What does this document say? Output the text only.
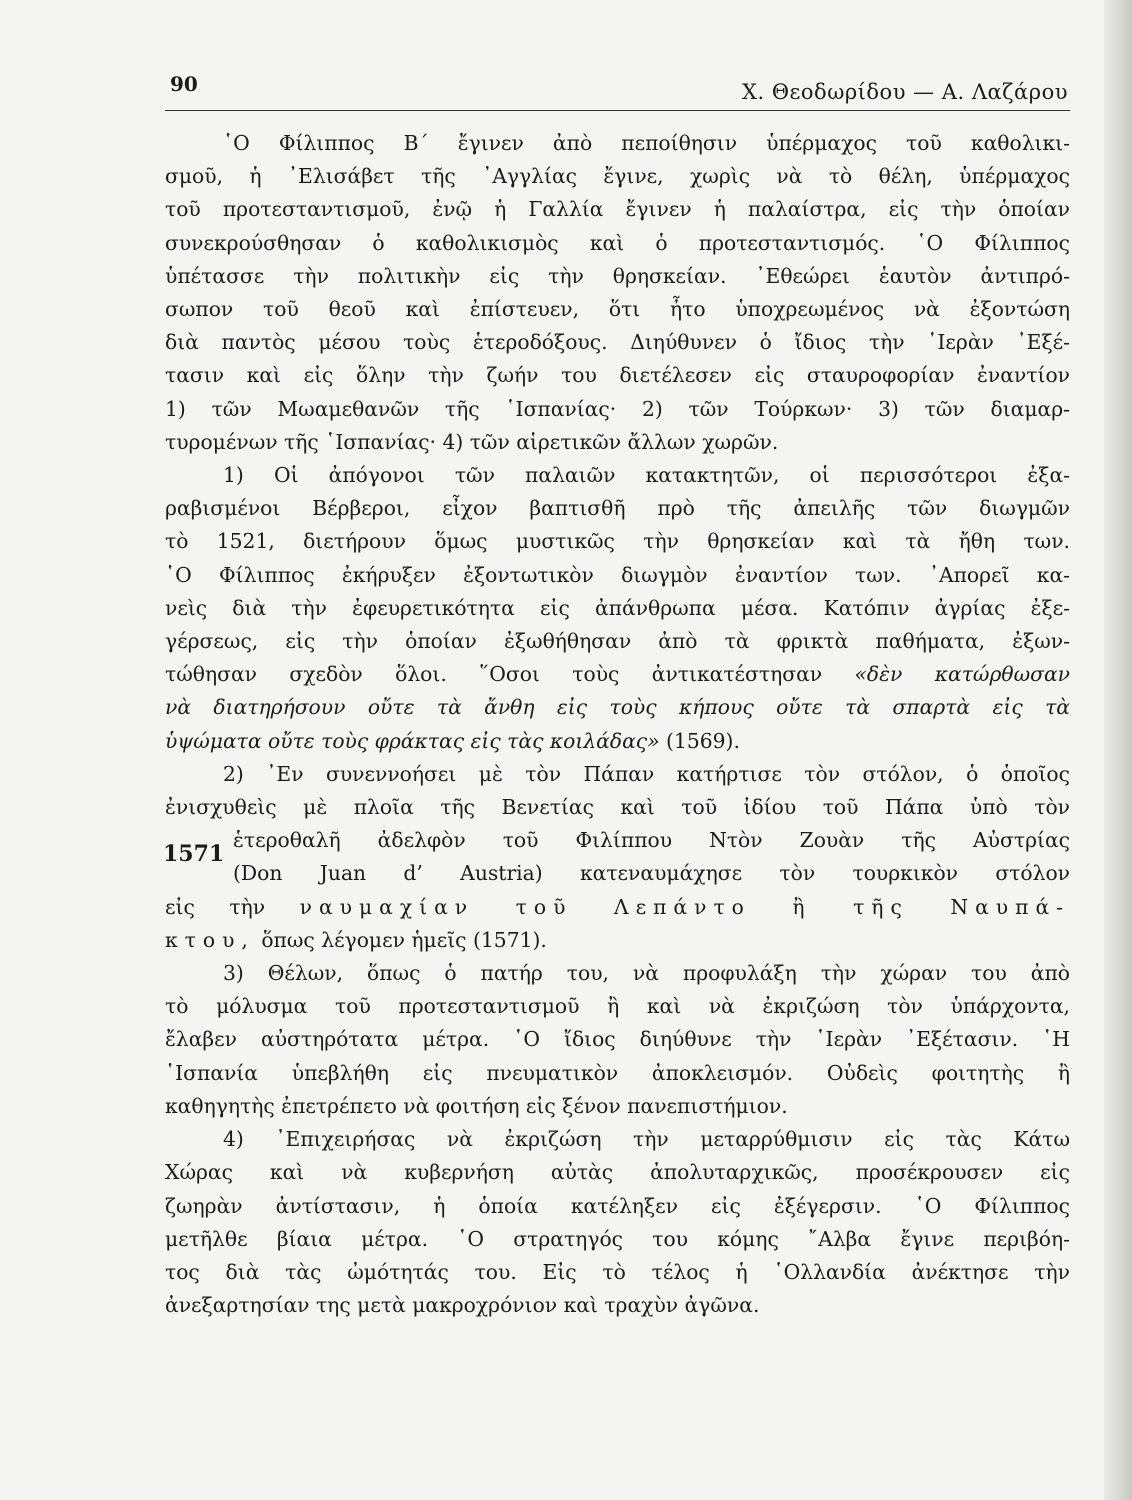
90	Χ. Θεοδωρίδου — Α. Λαζάρου
῾Ο Φίλιππος Β΄ ἔγινεν ἀπὸ πεποίθησιν ὑπέρμαχος τοῦ καθολικι-
σμοῦ, ἡ ᾿Ελισάβετ τῆς ᾿Αγγλίας ἔγινε, χωρὶς νὰ τὸ θέλη, ὑπέρμαχος
τοῦ προτεσταντισμοῦ, ἐνῷ ἡ Γαλλία ἔγινεν ἡ παλαίστρα, εἰς τὴν ὁποίαν
συνεκρούσθησαν ὁ καθολικισμὸς καὶ ὁ προτεσταντισμός. ῾Ο Φίλιππος
ὑπέτασσε τὴν πολιτικὴν εἰς τὴν θρησκείαν. ᾿Εθεώρει ἑαυτὸν ἀντιπρό-
σωπον τοῦ θεοῦ καὶ ἐπίστευεν, ὅτι ἦτο ὑποχρεωμένος νὰ ἐξοντώση
διὰ παντὸς μέσου τοὺς ἑτεροδόξους. Διηύθυνεν ὁ ἴδιος τὴν ῾Ιερὰν ᾿Εξέ-
τασιν καὶ εἰς ὅλην τὴν ζωήν του διετέλεσεν εἰς σταυροφορίαν ἐναντίον
1) τῶν Μωαμεθανῶν τῆς ῾Ισπανίας· 2) τῶν Τούρκων· 3) τῶν διαμαρ-
τυρομένων τῆς ῾Ισπανίας· 4) τῶν αἱρετικῶν ἄλλων χωρῶν.
1) Οἱ ἀπόγονοι τῶν παλαιῶν κατακτητῶν, οἱ περισσότεροι ἐξα-
ραβισμένοι Βέρβεροι, εἶχον βαπτισθῆ πρὸ τῆς ἀπειλῆς τῶν διωγμῶν
τὸ 1521, διετήρουν ὅμως μυστικῶς τὴν θρησκείαν καὶ τὰ ἤθη των.
῾Ο Φίλιππος ἐκήρυξεν ἐξοντωτικὸν διωγμὸν ἐναντίον των. ᾿Απορεῖ κα-
νεὶς διὰ τὴν ἐφευρετικότητα εἰς ἀπάνθρωπα μέσα. Κατόπιν ἀγρίας ἐξε-
γέρσεως, εἰς τὴν ὁποίαν ἐξωθήθησαν ἀπὸ τὰ φρικτὰ παθήματα, ἐξων-
τώθησαν σχεδὸν ὅλοι. ῞Οσοι τοὺς ἀντικατέστησαν «δὲν κατώρθωσαν
νὰ διατηρήσουν οὔτε τὰ ἄνθη εἰς τοὺς κήπους οὔτε τὰ σπαρτὰ εἰς τὰ
ὑψώματα οὔτε τοὺς φράκτας εἰς τὰς κοιλάδας» (1569).
2) ᾿Εν συνεννοήσει μὲ τὸν Πάπαν κατήρτισε τὸν στόλον, ὁ ὁποῖος
ἐνισχυθεὶς μὲ πλοῖα τῆς Βενετίας καὶ τοῦ ἰδίου τοῦ Πάπα ὑπὸ τὸν
1571
ἑτεροθαλῆ ἀδελφὸν τοῦ Φιλίππου Ντὸν Ζουὰν τῆς Αὐστρίας
(Don Juan d’ Austria) κατεναυμάχησε τὸν τουρκικὸν στόλον
εἰς τὴν ναυμαχίαν τοῦ Λεπάντο ἢ τῆς Ναυπά-
κτου, ὅπως λέγομεν ἡμεῖς (1571).
3) Θέλων, ὅπως ὁ πατήρ του, νὰ προφυλάξη τὴν χώραν του ἀπὸ
τὸ μόλυσμα τοῦ προτεσταντισμοῦ ἢ καὶ νὰ ἐκριζώση τὸν ὑπάρχοντα,
ἔλαβεν αὐστηρότατα μέτρα. ῾Ο ἴδιος διηύθυνε τὴν ῾Ιερὰν ᾿Εξέτασιν. ῾Η
῾Ισπανία ὑπεβλήθη εἰς πνευματικὸν ἀποκλεισμόν. Οὐδεὶς φοιτητὴς ἢ
καθηγητὴς ἐπετρέπετο νὰ φοιτήση εἰς ξένον πανεπιστήμιον.
4) ᾿Επιχειρήσας νὰ ἐκριζώση τὴν μεταρρύθμισιν εἰς τὰς Κάτω
Χώρας καὶ νὰ κυβερνήση αὐτὰς ἀπολυταρχικῶς, προσέκρουσεν εἰς
ζωηρὰν ἀντίστασιν, ἡ ὁποία κατέληξεν εἰς ἐξέγερσιν. ῾Ο Φίλιππος
μετῆλθε βίαια μέτρα. ῾Ο στρατηγός του κόμης ῎Αλβα ἔγινε περιβόη-
τος διὰ τὰς ὠμότητάς του. Εἰς τὸ τέλος ἡ ῾Ολλανδία ἀνέκτησε τὴν
ἀνεξαρτησίαν της μετὰ μακροχρόνιον καὶ τραχὺν ἀγῶνα.
